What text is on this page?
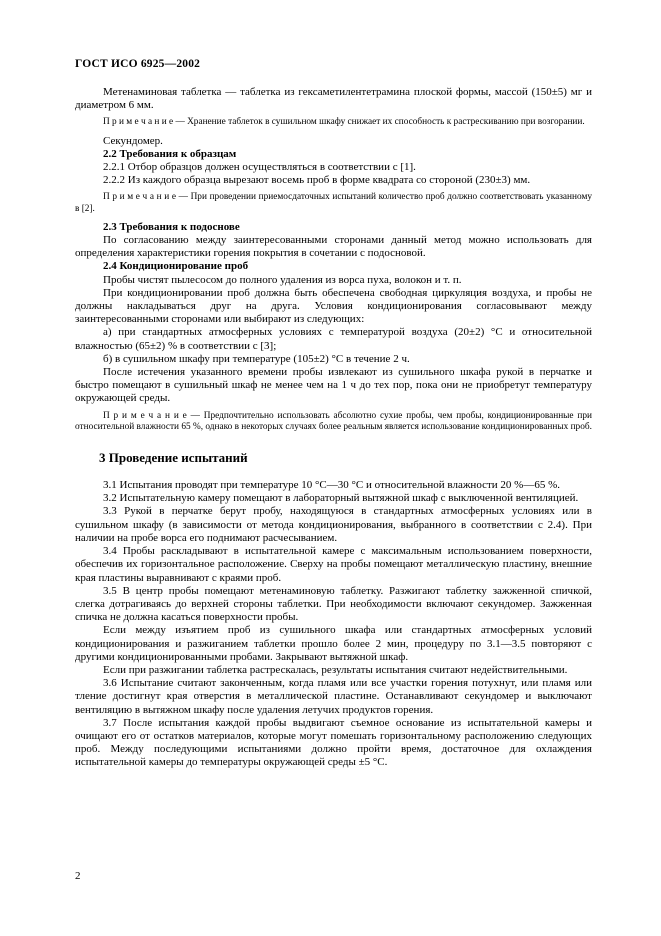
ГОСТ ИСО 6925—2002

Метенаминовая таблетка — таблетка из гексаметилентетрамина плоской формы, массой (150±5) мг и диаметром 6 мм.

П р и м е ч а н и е — Хранение таблеток в сушильном шкафу снижает их способность к растрескиванию при возгорании.

Секундомер.

2.2 Требования к образцам

2.2.1 Отбор образцов должен осуществляться в соответствии с [1].

2.2.2 Из каждого образца вырезают восемь проб в форме квадрата со стороной (230±3) мм.

П р и м е ч а н и е — При проведении приемосдаточных испытаний количество проб должно соответствовать указанному в [2].

2.3 Требования к подоснове

По согласованию между заинтересованными сторонами данный метод можно использовать для определения характеристики горения покрытия в сочетании с подосновой.

2.4 Кондиционирование проб

Пробы чистят пылесосом до полного удаления из ворса пуха, волокон и т. п.

При кондиционировании проб должна быть обеспечена свободная циркуляция воздуха, и пробы не должны накладываться друг на друга. Условия кондиционирования согласовывают между заинтересованными сторонами или выбирают из следующих:

а) при стандартных атмосферных условиях с температурой воздуха (20±2) °С и относительной влажностью (65±2) % в соответствии с [3];

б) в сушильном шкафу при температуре (105±2) °С в течение 2 ч.

После истечения указанного времени пробы извлекают из сушильного шкафа рукой в перчатке и быстро помещают в сушильный шкаф не менее чем на 1 ч до тех пор, пока они не приобретут температуру окружающей среды.

П р и м е ч а н и е — Предпочтительно использовать абсолютно сухие пробы, чем пробы, кондиционированные при относительной влажности 65 %, однако в некоторых случаях более реальным является использование кондиционированных проб.

3 Проведение испытаний

3.1 Испытания проводят при температуре 10 °С—30 °С и относительной влажности 20 %—65 %.

3.2 Испытательную камеру помещают в лабораторный вытяжной шкаф с выключенной вентиляцией.

3.3 Рукой в перчатке берут пробу, находящуюся в стандартных атмосферных условиях или в сушильном шкафу (в зависимости от метода кондиционирования, выбранного в соответствии с 2.4). При наличии на пробе ворса его поднимают расчесыванием.

3.4 Пробы раскладывают в испытательной камере с максимальным использованием поверхности, обеспечив их горизонтальное расположение. Сверху на пробы помещают металлическую пластину, внешние края пластины выравнивают с краями проб.

3.5 В центр пробы помещают метенаминовую таблетку. Разжигают таблетку зажженной спичкой, слегка дотрагиваясь до верхней стороны таблетки. При необходимости включают секундомер. Зажженная спичка не должна касаться поверхности пробы.

Если между изъятием проб из сушильного шкафа или стандартных атмосферных условий кондиционирования и разжиганием таблетки прошло более 2 мин, процедуру по 3.1—3.5 повторяют с другими кондиционированными пробами. Закрывают вытяжной шкаф.

Если при разжигании таблетка растрескалась, результаты испытания считают недействительными.

3.6 Испытание считают законченным, когда пламя или все участки горения потухнут, или пламя или тление достигнут края отверстия в металлической пластине. Останавливают секундомер и выключают вентиляцию в вытяжном шкафу после удаления летучих продуктов горения.

3.7 После испытания каждой пробы выдвигают съемное основание из испытательной камеры и очищают его от остатков материалов, которые могут помешать горизонтальному расположению следующих проб. Между последующими испытаниями должно пройти время, достаточное для охлаждения испытательной камеры до температуры окружающей среды ±5 °С.

2
